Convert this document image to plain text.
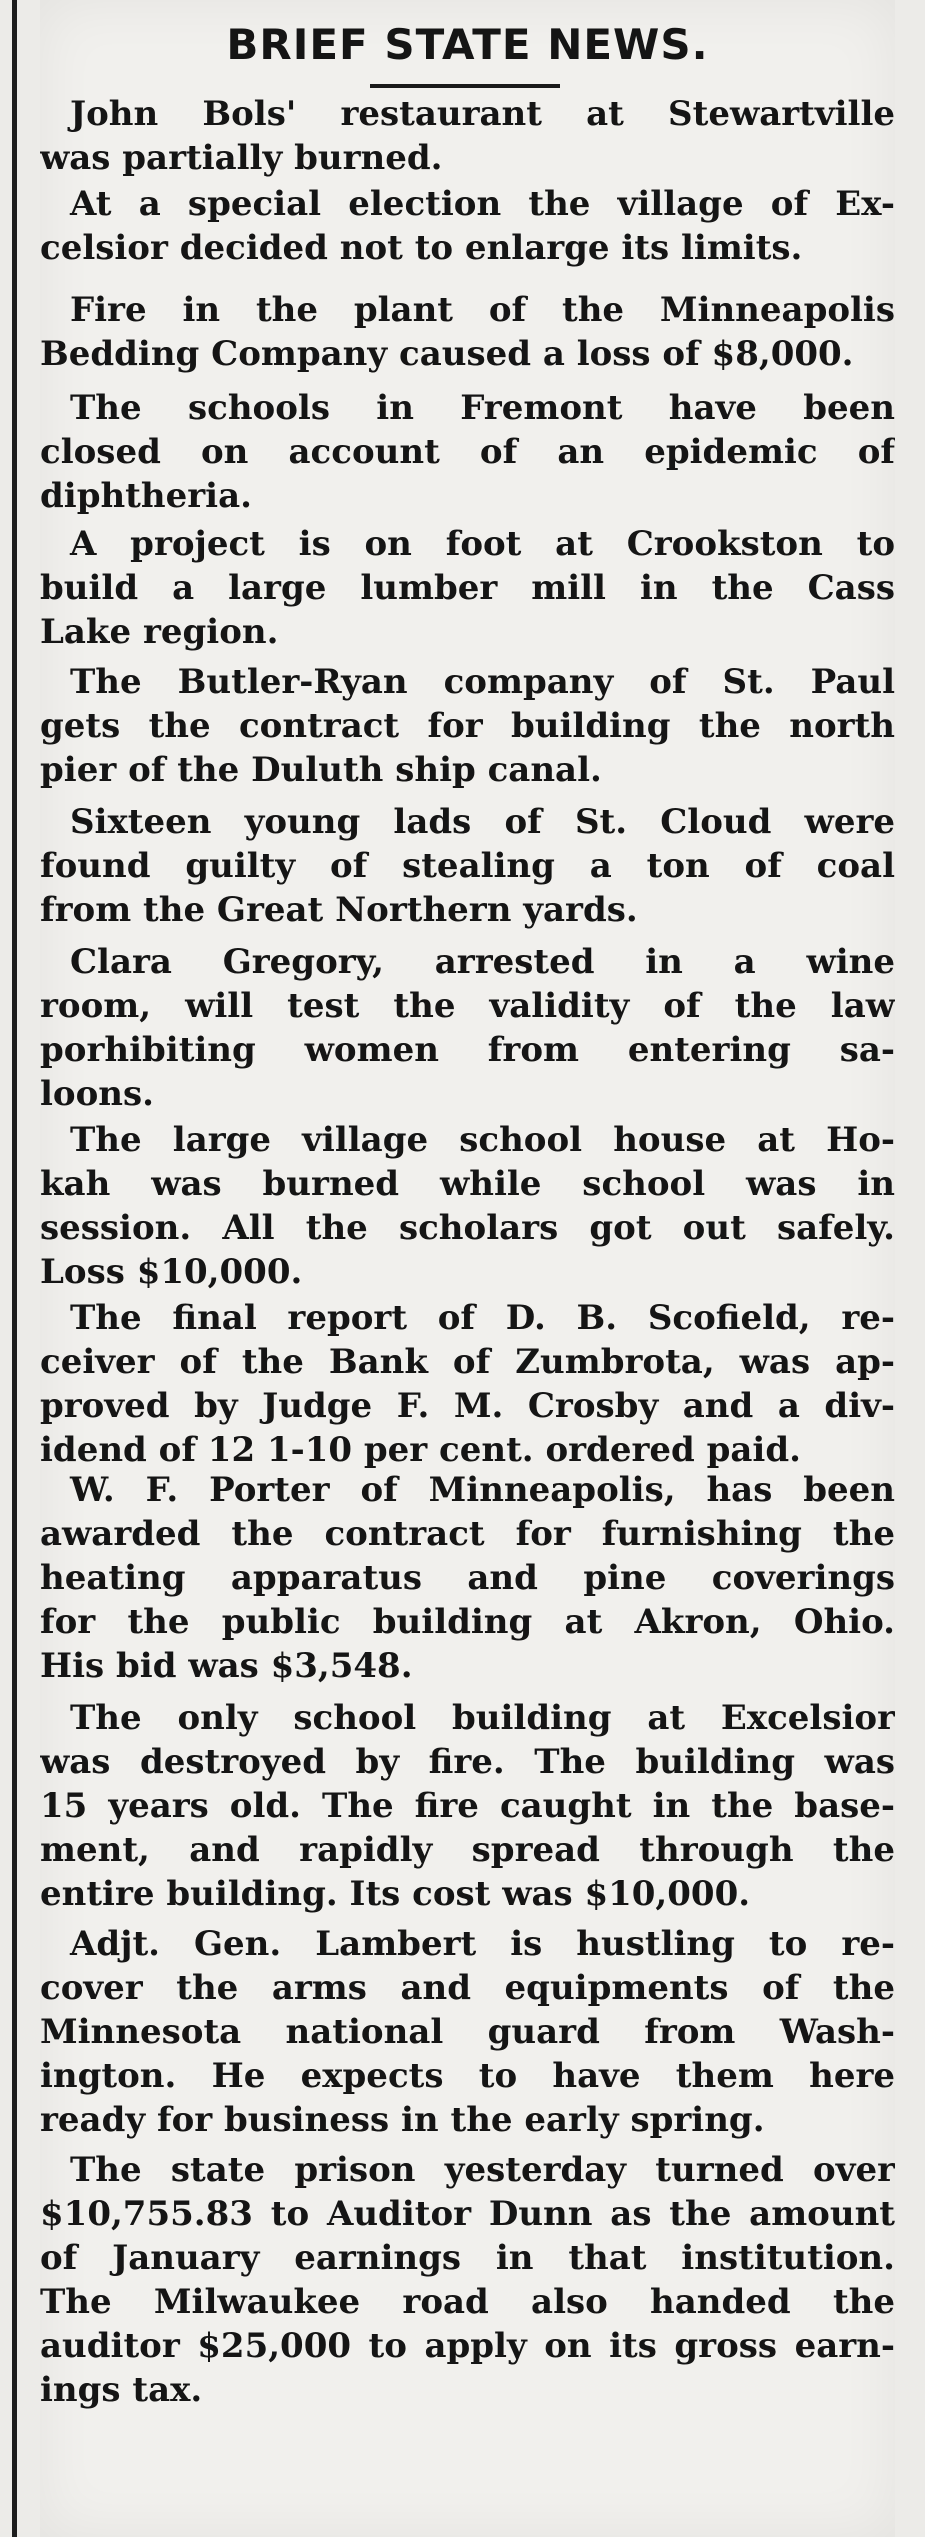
BRIEF STATE NEWS.
John Bols' restaurant at Stewartville
was partially burned.
At a special election the village of Ex-
celsior decided not to enlarge its limits.
Fire in the plant of the Minneapolis
Bedding Company caused a loss of $8,000.
The schools in Fremont have been
closed on account of an epidemic of
diphtheria.
A project is on foot at Crookston to
build a large lumber mill in the Cass
Lake region.
The Butler-Ryan company of St. Paul
gets the contract for building the north
pier of the Duluth ship canal.
Sixteen young lads of St. Cloud were
found guilty of stealing a ton of coal
from the Great Northern yards.
Clara Gregory, arrested in a wine
room, will test the validity of the law
porhibiting women from entering sa-
loons.
The large village school house at Ho-
kah was burned while school was in
session. All the scholars got out safely.
Loss $10,000.
The final report of D. B. Scofield, re-
ceiver of the Bank of Zumbrota, was ap-
proved by Judge F. M. Crosby and a div-
idend of 12 1-10 per cent. ordered paid.
W. F. Porter of Minneapolis, has been
awarded the contract for furnishing the
heating apparatus and pine coverings
for the public building at Akron, Ohio.
His bid was $3,548.
The only school building at Excelsior
was destroyed by fire. The building was
15 years old. The fire caught in the base-
ment, and rapidly spread through the
entire building. Its cost was $10,000.
Adjt. Gen. Lambert is hustling to re-
cover the arms and equipments of the
Minnesota national guard from Wash-
ington. He expects to have them here
ready for business in the early spring.
The state prison yesterday turned over
$10,755.83 to Auditor Dunn as the amount
of January earnings in that institution.
The Milwaukee road also handed the
auditor $25,000 to apply on its gross earn-
ings tax.
